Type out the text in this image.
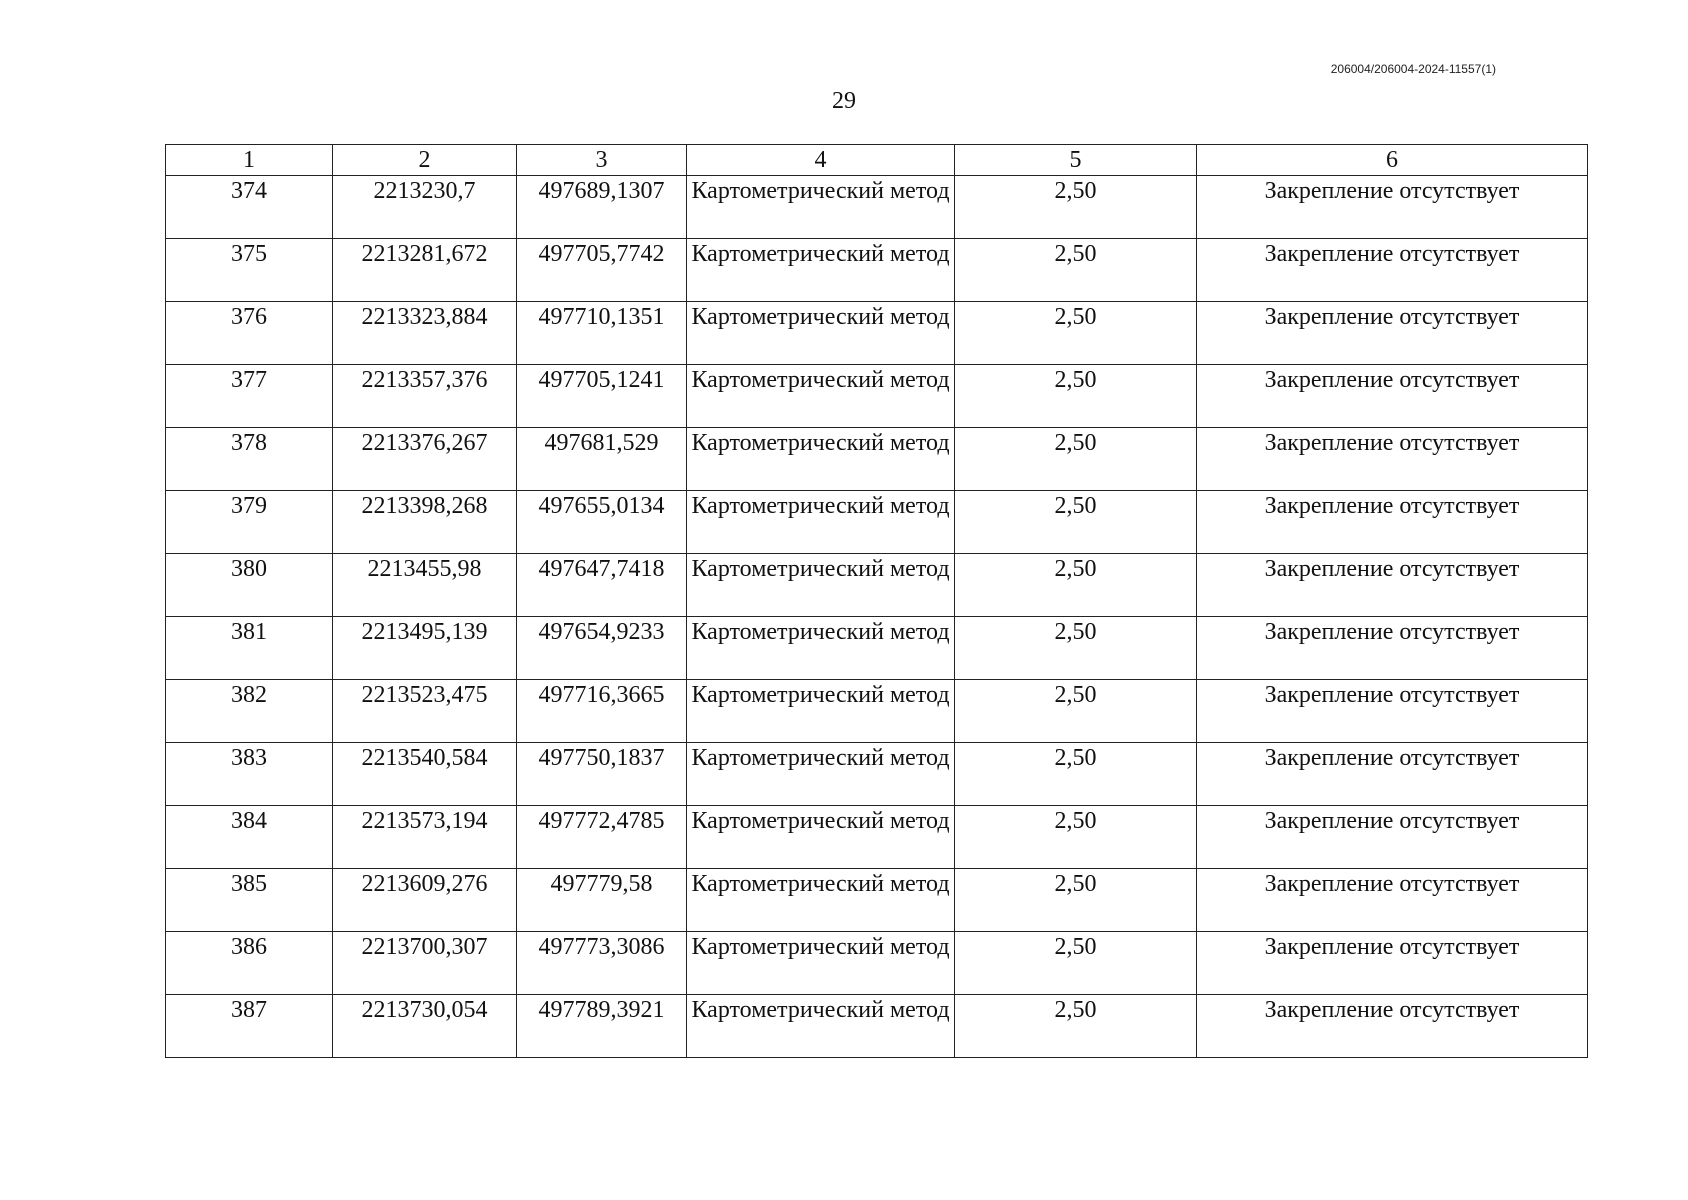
206004/206004-2024-11557(1)
29
1	2	3	4	5	6
374	2213230,7	497689,1307	Картометрический метод	2,50	Закрепление отсутствует
375	2213281,672	497705,7742	Картометрический метод	2,50	Закрепление отсутствует
376	2213323,884	497710,1351	Картометрический метод	2,50	Закрепление отсутствует
377	2213357,376	497705,1241	Картометрический метод	2,50	Закрепление отсутствует
378	2213376,267	497681,529	Картометрический метод	2,50	Закрепление отсутствует
379	2213398,268	497655,0134	Картометрический метод	2,50	Закрепление отсутствует
380	2213455,98	497647,7418	Картометрический метод	2,50	Закрепление отсутствует
381	2213495,139	497654,9233	Картометрический метод	2,50	Закрепление отсутствует
382	2213523,475	497716,3665	Картометрический метод	2,50	Закрепление отсутствует
383	2213540,584	497750,1837	Картометрический метод	2,50	Закрепление отсутствует
384	2213573,194	497772,4785	Картометрический метод	2,50	Закрепление отсутствует
385	2213609,276	497779,58	Картометрический метод	2,50	Закрепление отсутствует
386	2213700,307	497773,3086	Картометрический метод	2,50	Закрепление отсутствует
387	2213730,054	497789,3921	Картометрический метод	2,50	Закрепление отсутствует
